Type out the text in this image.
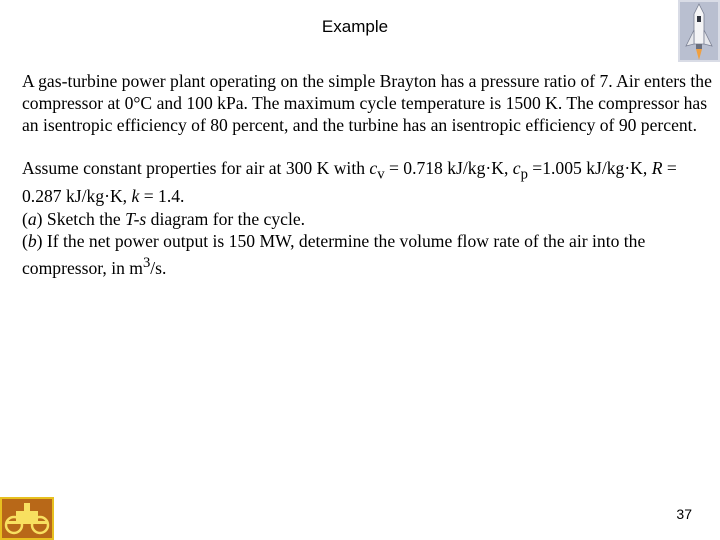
Example

A gas-turbine power plant operating on the simple Brayton has a pressure ratio of 7. Air enters the compressor at 0°C and 100 kPa. The maximum cycle temperature is 1500 K. The compressor has an isentropic efficiency of 80 percent, and the turbine has an isentropic efficiency of 90 percent.

Assume constant properties for air at 300 K with $c_v = 0.718$ kJ/kg·K, $c_p =1.005$ kJ/kg·K, R = 0.287 kJ/kg·K, k = 1.4.

(a) Sketch the T-s diagram for the cycle.

(b) If the net power output is 150 MW, determine the volume flow rate of the air into the compressor, in $m^3/s$.

37
